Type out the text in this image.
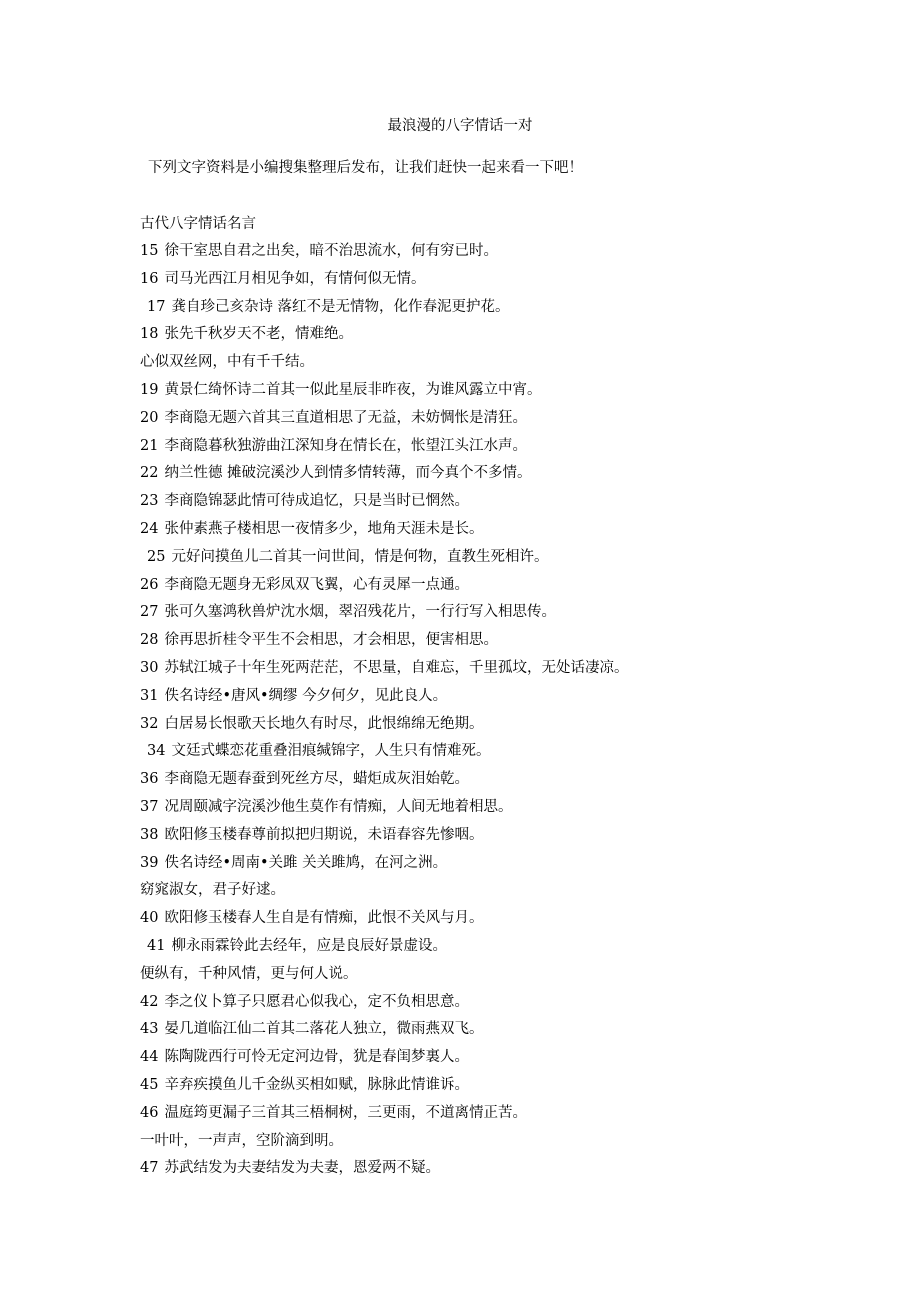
最浪漫的八字情话一对
下列文字资料是小编搜集整理后发布，让我们赶快一起来看一下吧！
古代八字情话名言
15 徐干室思自君之出矣，暗不治思流水，何有穷已时。
16 司马光西江月相见争如，有情何似无情。
17 龚自珍己亥杂诗 落红不是无情物，化作春泥更护花。
18 张先千秋岁天不老，情难绝。
心似双丝网，中有千千结。
19 黄景仁绮怀诗二首其一似此星辰非昨夜，为谁风露立中宵。
20 李商隐无题六首其三直道相思了无益，未妨惆怅是清狂。
21 李商隐暮秋独游曲江深知身在情长在，怅望江头江水声。
22 纳兰性德 摊破浣溪沙人到情多情转薄，而今真个不多情。
23 李商隐锦瑟此情可待成追忆，只是当时已惘然。
24 张仲素燕子楼相思一夜情多少，地角天涯未是长。
25 元好问摸鱼儿二首其一问世间，情是何物，直教生死相许。
26 李商隐无题身无彩凤双飞翼，心有灵犀一点通。
27 张可久塞鸿秋兽炉沈水烟，翠沼残花片，一行行写入相思传。
28 徐再思折桂令平生不会相思，才会相思，便害相思。
30 苏轼江城子十年生死两茫茫，不思量，自难忘，千里孤坟，无处话凄凉。
31 佚名诗经•唐风•绸缪 今夕何夕，见此良人。
32 白居易长恨歌天长地久有时尽，此恨绵绵无绝期。
34 文廷式蝶恋花重叠泪痕缄锦字，人生只有情难死。
36 李商隐无题春蚕到死丝方尽，蜡炬成灰泪始乾。
37 况周颐减字浣溪沙他生莫作有情痴，人间无地着相思。
38 欧阳修玉楼春尊前拟把归期说，未语春容先惨咽。
39 佚名诗经•周南•关雎 关关雎鸠，在河之洲。
窈窕淑女，君子好逑。
40 欧阳修玉楼春人生自是有情痴，此恨不关风与月。
41 柳永雨霖铃此去经年，应是良辰好景虚设。
便纵有，千种风情，更与何人说。
42 李之仪卜算子只愿君心似我心，定不负相思意。
43 晏几道临江仙二首其二落花人独立，微雨燕双飞。
44 陈陶陇西行可怜无定河边骨，犹是春闺梦裏人。
45 辛弃疾摸鱼儿千金纵买相如赋，脉脉此情谁诉。
46 温庭筠更漏子三首其三梧桐树，三更雨，不道离情正苦。
一叶叶，一声声，空阶滴到明。
47 苏武结发为夫妻结发为夫妻，恩爱两不疑。
